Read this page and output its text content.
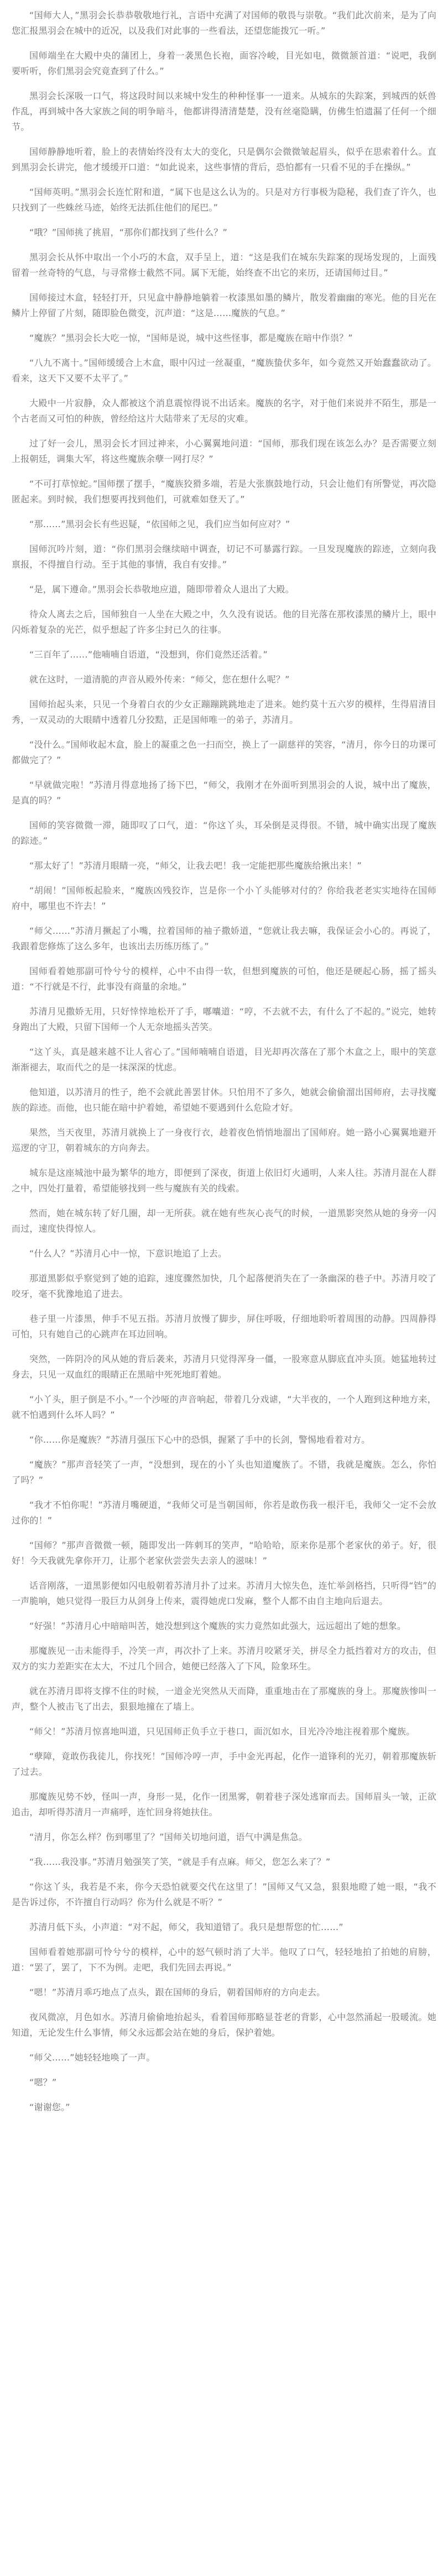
“国师大人，”黑羽会长恭恭敬敬地行礼，言语中充满了对国师的敬畏与崇敬。“我们此次前来，是为了向您汇报黑羽会在城中的近况，以及我们对此事的一些看法，还望您能拨冗一听。”

国师端坐在大殿中央的蒲团上，身着一袭黑色长袍，面容冷峻，目光如电，微微颔首道：“说吧，我倒要听听，你们黑羽会究竟查到了什么。”

黑羽会长深吸一口气，将这段时间以来城中发生的种种怪事一一道来。从城东的失踪案，到城西的妖兽作乱，再到城中各大家族之间的明争暗斗，他都讲得清清楚楚，没有丝毫隐瞒，仿佛生怕遗漏了任何一个细节。

国师静静地听着，脸上的表情始终没有太大的变化，只是偶尔会微微皱起眉头，似乎在思索着什么。直到黑羽会长讲完，他才缓缓开口道：“如此说来，这些事情的背后，恐怕都有一只看不见的手在操纵。”

“国师英明。”黑羽会长连忙附和道，“属下也是这么认为的。只是对方行事极为隐秘，我们查了许久，也只找到了一些蛛丝马迹，始终无法抓住他们的尾巴。”

“哦？”国师挑了挑眉，“那你们都找到了些什么？”

黑羽会长从怀中取出一个小巧的木盒，双手呈上，道：“这是我们在城东失踪案的现场发现的，上面残留着一丝奇特的气息，与寻常修士截然不同。属下无能，始终查不出它的来历，还请国师过目。”

国师接过木盒，轻轻打开，只见盒中静静地躺着一枚漆黑如墨的鳞片，散发着幽幽的寒光。他的目光在鳞片上停留了片刻，随即脸色微变，沉声道：“这是……魔族的气息。”

“魔族？”黑羽会长大吃一惊，“国师是说，城中这些怪事，都是魔族在暗中作祟？”

“八九不离十。”国师缓缓合上木盒，眼中闪过一丝凝重，“魔族蛰伏多年，如今竟然又开始蠢蠢欲动了。看来，这天下又要不太平了。”

大殿中一片寂静，众人都被这个消息震惊得说不出话来。魔族的名字，对于他们来说并不陌生，那是一个古老而又可怕的种族，曾经给这片大陆带来了无尽的灾难。

过了好一会儿，黑羽会长才回过神来，小心翼翼地问道：“国师，那我们现在该怎么办？是否需要立刻上报朝廷，调集大军，将这些魔族余孽一网打尽？”

“不可打草惊蛇。”国师摆了摆手，“魔族狡猾多端，若是大张旗鼓地行动，只会让他们有所警觉，再次隐匿起来。到时候，我们想要再找到他们，可就难如登天了。”

“那……”黑羽会长有些迟疑，“依国师之见，我们应当如何应对？”

国师沉吟片刻，道：“你们黑羽会继续暗中调查，切记不可暴露行踪。一旦发现魔族的踪迹，立刻向我禀报，不得擅自行动。至于其他的事情，我自有安排。”

“是，属下遵命。”黑羽会长恭敬地应道，随即带着众人退出了大殿。

待众人离去之后，国师独自一人坐在大殿之中，久久没有说话。他的目光落在那枚漆黑的鳞片上，眼中闪烁着复杂的光芒，似乎想起了许多尘封已久的往事。

“三百年了……”他喃喃自语道，“没想到，你们竟然还活着。”

就在这时，一道清脆的声音从殿外传来：“师父，您在想什么呢？”

国师抬起头来，只见一个身着白衣的少女正蹦蹦跳跳地走了进来。她约莫十五六岁的模样，生得眉清目秀，一双灵动的大眼睛中透着几分狡黠，正是国师唯一的弟子，苏清月。

“没什么。”国师收起木盒，脸上的凝重之色一扫而空，换上了一副慈祥的笑容，“清月，你今日的功课可都做完了？”

“早就做完啦！”苏清月得意地扬了扬下巴，“师父，我刚才在外面听到黑羽会的人说，城中出了魔族，是真的吗？”

国师的笑容微微一滞，随即叹了口气，道：“你这丫头，耳朵倒是灵得很。不错，城中确实出现了魔族的踪迹。”

“那太好了！”苏清月眼睛一亮，“师父，让我去吧！我一定能把那些魔族给揪出来！”

“胡闹！”国师板起脸来，“魔族凶残狡诈，岂是你一个小丫头能够对付的？你给我老老实实地待在国师府中，哪里也不许去！”

“师父……”苏清月撅起了小嘴，拉着国师的袖子撒娇道，“您就让我去嘛，我保证会小心的。再说了，我跟着您修炼了这么多年，也该出去历练历练了。”

国师看着她那副可怜兮兮的模样，心中不由得一软，但想到魔族的可怕，他还是硬起心肠，摇了摇头道：“不行就是不行，此事没有商量的余地。”

苏清月见撒娇无用，只好悻悻地松开了手，嘟囔道：“哼，不去就不去，有什么了不起的。”说完，她转身跑出了大殿，只留下国师一个人无奈地摇头苦笑。

“这丫头，真是越来越不让人省心了。”国师喃喃自语道，目光却再次落在了那个木盒之上，眼中的笑意渐渐褪去，取而代之的是一抹深深的忧虑。

他知道，以苏清月的性子，绝不会就此善罢甘休。只怕用不了多久，她就会偷偷溜出国师府，去寻找魔族的踪迹。而他，也只能在暗中护着她，希望她不要遇到什么危险才好。

果然，当天夜里，苏清月就换上了一身夜行衣，趁着夜色悄悄地溜出了国师府。她一路小心翼翼地避开巡逻的守卫，朝着城东的方向奔去。

城东是这座城池中最为繁华的地方，即便到了深夜，街道上依旧灯火通明，人来人往。苏清月混在人群之中，四处打量着，希望能够找到一些与魔族有关的线索。

然而，她在城东转了好几圈，却一无所获。就在她有些灰心丧气的时候，一道黑影突然从她的身旁一闪而过，速度快得惊人。

“什么人？”苏清月心中一惊，下意识地追了上去。

那道黑影似乎察觉到了她的追踪，速度骤然加快，几个起落便消失在了一条幽深的巷子中。苏清月咬了咬牙，毫不犹豫地追了进去。

巷子里一片漆黑，伸手不见五指。苏清月放慢了脚步，屏住呼吸，仔细地聆听着周围的动静。四周静得可怕，只有她自己的心跳声在耳边回响。

突然，一阵阴冷的风从她的背后袭来，苏清月只觉得浑身一僵，一股寒意从脚底直冲头顶。她猛地转过身去，只见一双血红的眼睛正在黑暗中死死地盯着她。

“小丫头，胆子倒是不小。”一个沙哑的声音响起，带着几分戏谑，“大半夜的，一个人跑到这种地方来，就不怕遇到什么坏人吗？”

“你……你是魔族？”苏清月强压下心中的恐惧，握紧了手中的长剑，警惕地看着对方。

“魔族？”那声音轻笑了一声，“没想到，现在的小丫头也知道魔族了。不错，我就是魔族。怎么，你怕了吗？”

“我才不怕你呢！”苏清月嘴硬道，“我师父可是当朝国师，你若是敢伤我一根汗毛，我师父一定不会放过你的！”

“国师？”那声音微微一顿，随即发出一阵刺耳的笑声，“哈哈哈，原来你是那个老家伙的弟子。好，很好！今天我就先拿你开刀，让那个老家伙尝尝失去亲人的滋味！”

话音刚落，一道黑影便如闪电般朝着苏清月扑了过来。苏清月大惊失色，连忙举剑格挡，只听得“铛”的一声脆响，她只觉得一股巨力从剑身上传来，震得她虎口发麻，整个人都不由自主地向后退去。

“好强！”苏清月心中暗暗叫苦，她没想到这个魔族的实力竟然如此强大，远远超出了她的想象。

那魔族见一击未能得手，冷笑一声，再次扑了上来。苏清月咬紧牙关，拼尽全力抵挡着对方的攻击，但双方的实力差距实在太大，不过几个回合，她便已经落入了下风，险象环生。

就在苏清月即将支撑不住的时候，一道金光突然从天而降，重重地击在了那魔族的身上。那魔族惨叫一声，整个人被击飞了出去，狠狠地撞在了墙上。

“师父！”苏清月惊喜地叫道，只见国师正负手立于巷口，面沉如水，目光冷冷地注视着那个魔族。

“孽障，竟敢伤我徒儿，你找死！”国师冷哼一声，手中金光再起，化作一道锋利的光刃，朝着那魔族斩了过去。

那魔族见势不妙，怪叫一声，身形一晃，化作一团黑雾，朝着巷子深处逃窜而去。国师眉头一皱，正欲追击，却听得苏清月一声痛呼，连忙回身将她扶住。

“清月，你怎么样？伤到哪里了？”国师关切地问道，语气中满是焦急。

“我……我没事。”苏清月勉强笑了笑，“就是手有点麻。师父，您怎么来了？”

“你这丫头，我若是不来，你今天恐怕就要交代在这里了！”国师又气又急，狠狠地瞪了她一眼，“我不是告诉过你，不许擅自行动吗？你为什么就是不听？”

苏清月低下头，小声道：“对不起，师父，我知道错了。我只是想帮您的忙……”

国师看着她那副可怜兮兮的模样，心中的怒气顿时消了大半。他叹了口气，轻轻地拍了拍她的肩膀，道：“罢了，罢了，下不为例。走吧，我们先回去再说。”

“嗯！”苏清月乖巧地点了点头，跟在国师的身后，朝着国师府的方向走去。

夜风微凉，月色如水。苏清月偷偷地抬起头，看着国师那略显苍老的背影，心中忽然涌起一股暖流。她知道，无论发生什么事情，师父永远都会站在她的身后，保护着她。

“师父……”她轻轻地唤了一声。

“嗯？”

“谢谢您。”
